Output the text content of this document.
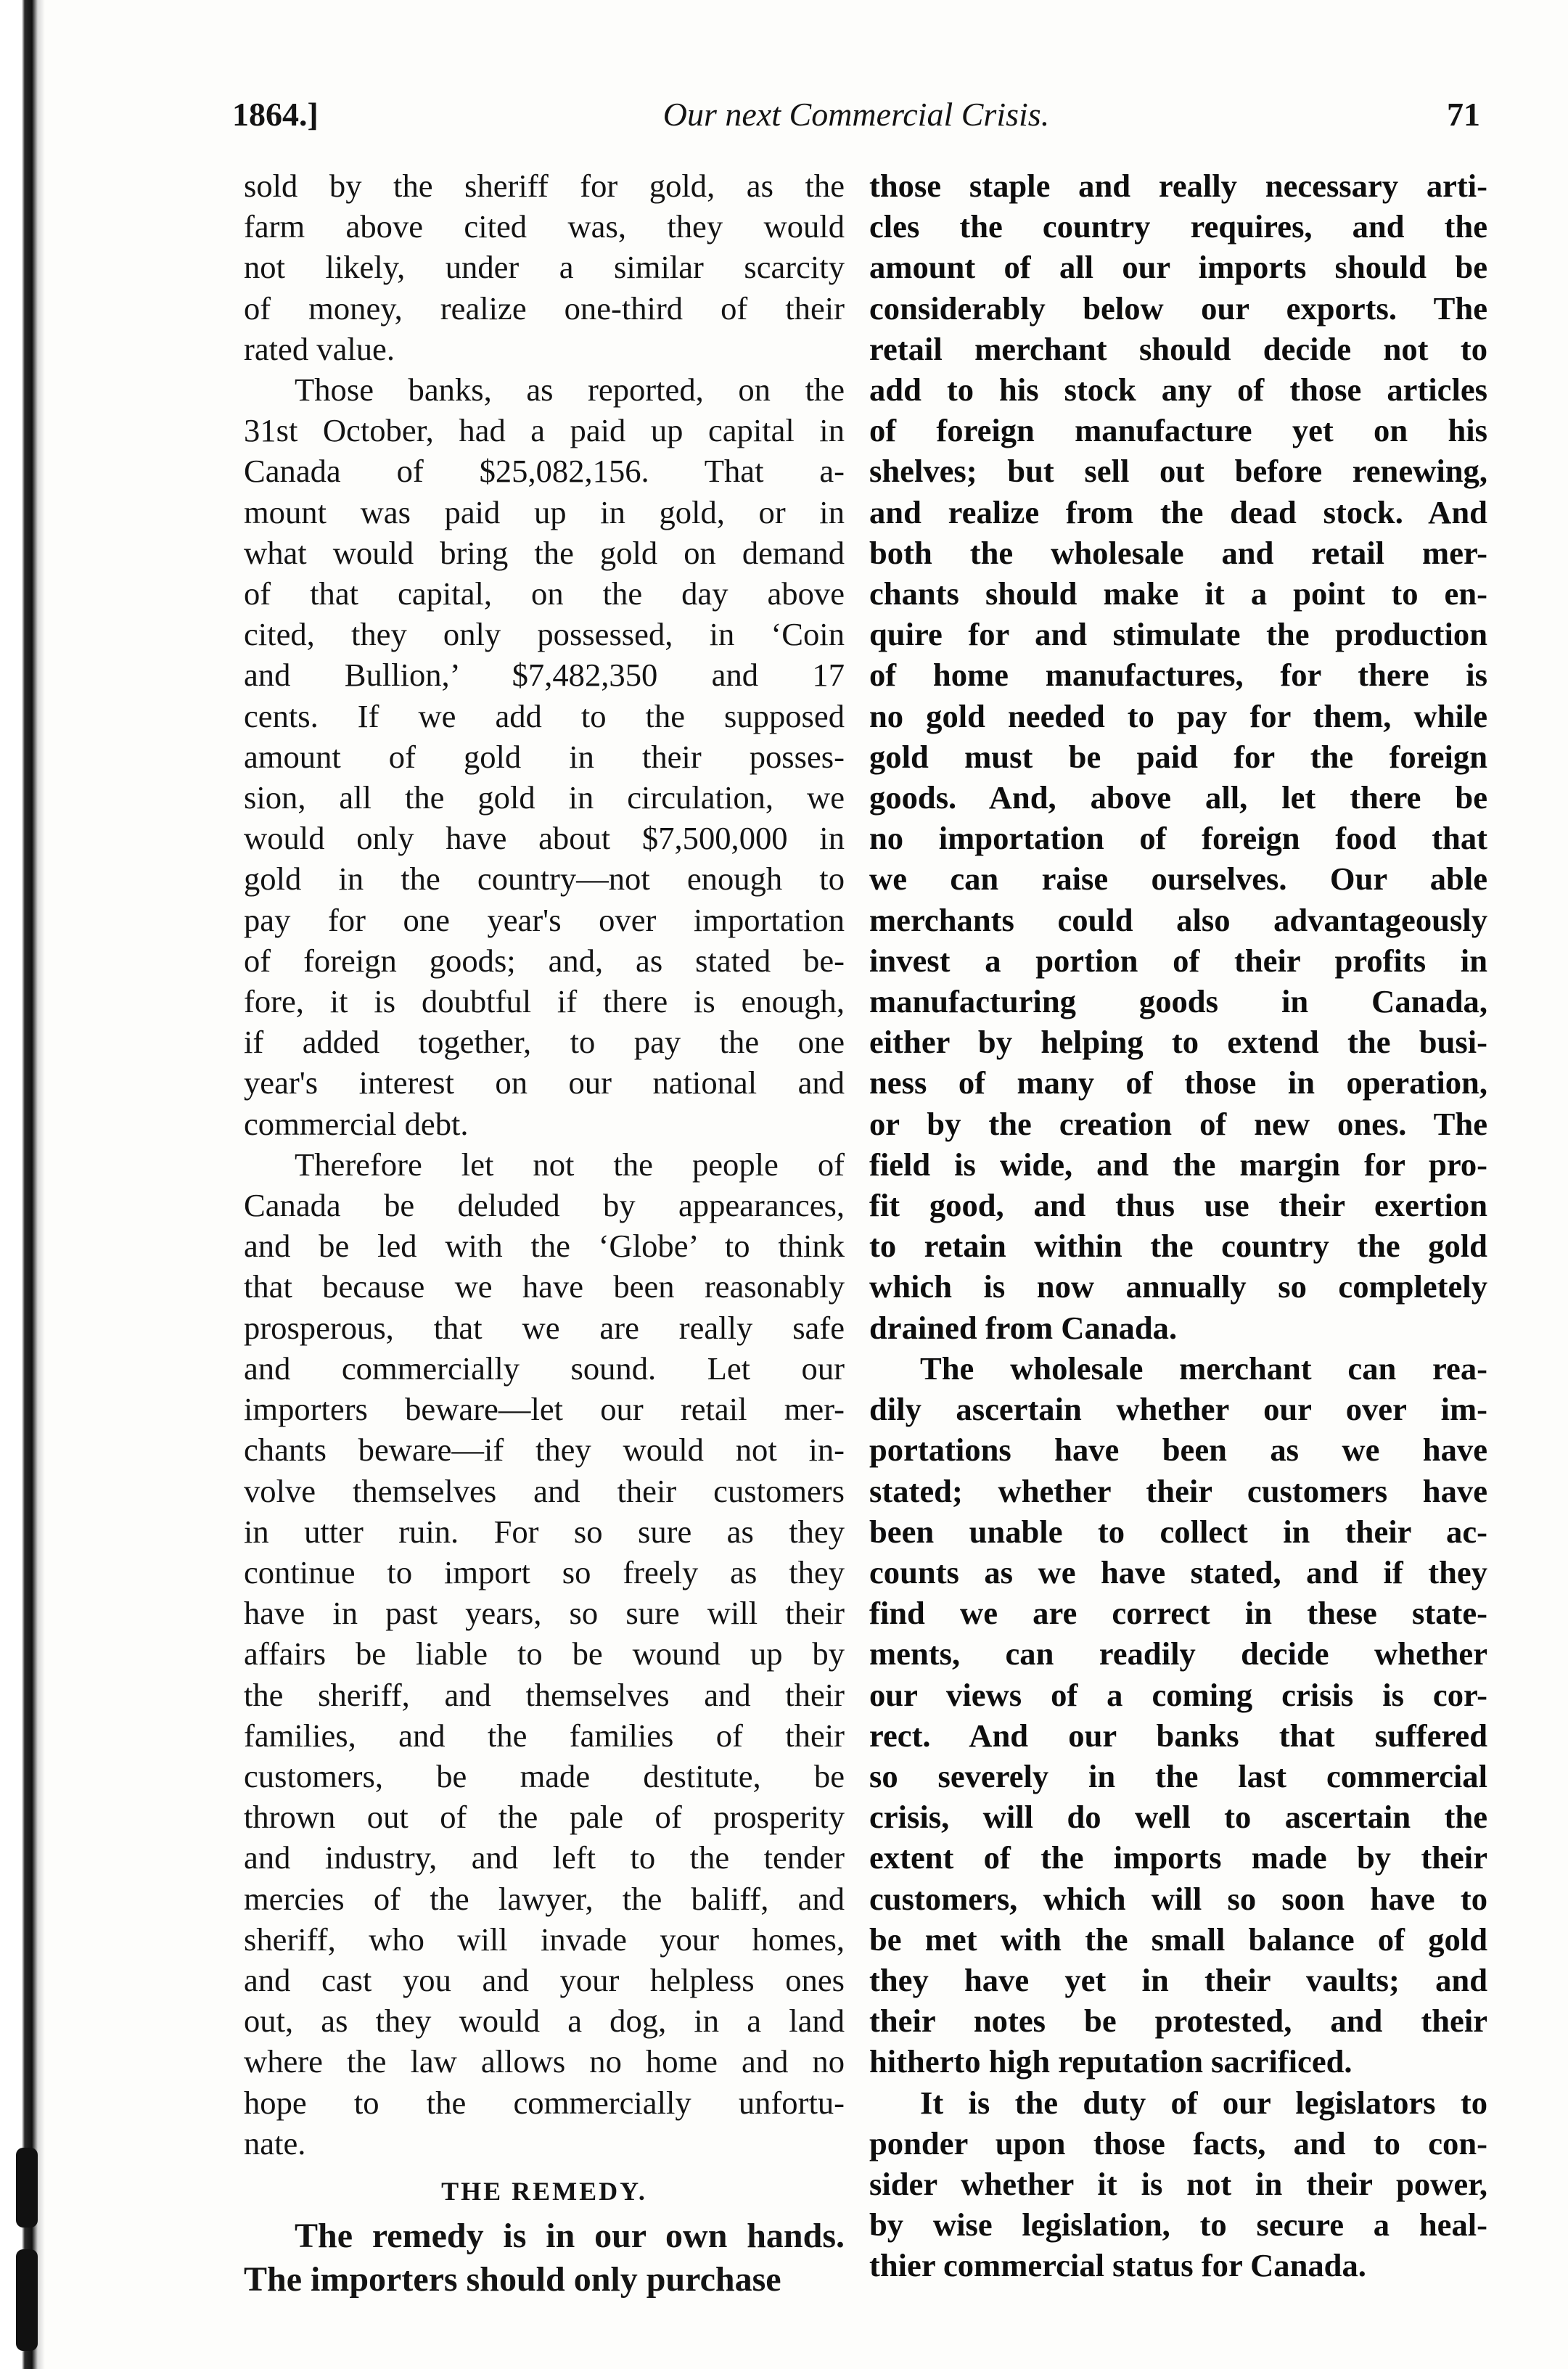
1864.]	Our next Commercial Crisis.	71
sold by the sheriff for gold, as the
farm above cited was, they would
not likely, under a similar scarcity
of money, realize one-third of their
rated value.
Those banks, as reported, on the
31st October, had a paid up capital in
Canada of $25,082,156. That a-
mount was paid up in gold, or in
what would bring the gold on demand
of that capital, on the day above
cited, they only possessed, in ‘Coin
and Bullion,’ $7,482,350 and 17
cents. If we add to the supposed
amount of gold in their posses-
sion, all the gold in circulation, we
would only have about $7,500,000 in
gold in the country—not enough to
pay for one year's over importation
of foreign goods; and, as stated be-
fore, it is doubtful if there is enough,
if added together, to pay the one
year's interest on our national and
commercial debt.
Therefore let not the people of
Canada be deluded by appearances,
and be led with the ‘Globe’ to think
that because we have been reasonably
prosperous, that we are really safe
and commercially sound. Let our
importers beware—let our retail mer-
chants beware—if they would not in-
volve themselves and their customers
in utter ruin. For so sure as they
continue to import so freely as they
have in past years, so sure will their
affairs be liable to be wound up by
the sheriff, and themselves and their
families, and the families of their
customers, be made destitute, be
thrown out of the pale of prosperity
and industry, and left to the tender
mercies of the lawyer, the baliff, and
sheriff, who will invade your homes,
and cast you and your helpless ones
out, as they would a dog, in a land
where the law allows no home and no
hope to the commercially unfortu-
nate.
THE REMEDY.
The remedy is in our own hands.
The importers should only purchase
those staple and really necessary arti-
cles the country requires, and the
amount of all our imports should be
considerably below our exports. The
retail merchant should decide not to
add to his stock any of those articles
of foreign manufacture yet on his
shelves; but sell out before renewing,
and realize from the dead stock. And
both the wholesale and retail mer-
chants should make it a point to en-
quire for and stimulate the production
of home manufactures, for there is
no gold needed to pay for them, while
gold must be paid for the foreign
goods. And, above all, let there be
no importation of foreign food that
we can raise ourselves. Our able
merchants could also advantageously
invest a portion of their profits in
manufacturing goods in Canada,
either by helping to extend the busi-
ness of many of those in operation,
or by the creation of new ones. The
field is wide, and the margin for pro-
fit good, and thus use their exertion
to retain within the country the gold
which is now annually so completely
drained from Canada.
The wholesale merchant can rea-
dily ascertain whether our over im-
portations have been as we have
stated; whether their customers have
been unable to collect in their ac-
counts as we have stated, and if they
find we are correct in these state-
ments, can readily decide whether
our views of a coming crisis is cor-
rect. And our banks that suffered
so severely in the last commercial
crisis, will do well to ascertain the
extent of the imports made by their
customers, which will so soon have to
be met with the small balance of gold
they have yet in their vaults; and
their notes be protested, and their
hitherto high reputation sacrificed.
It is the duty of our legislators to
ponder upon those facts, and to con-
sider whether it is not in their power,
by wise legislation, to secure a heal-
thier commercial status for Canada.
